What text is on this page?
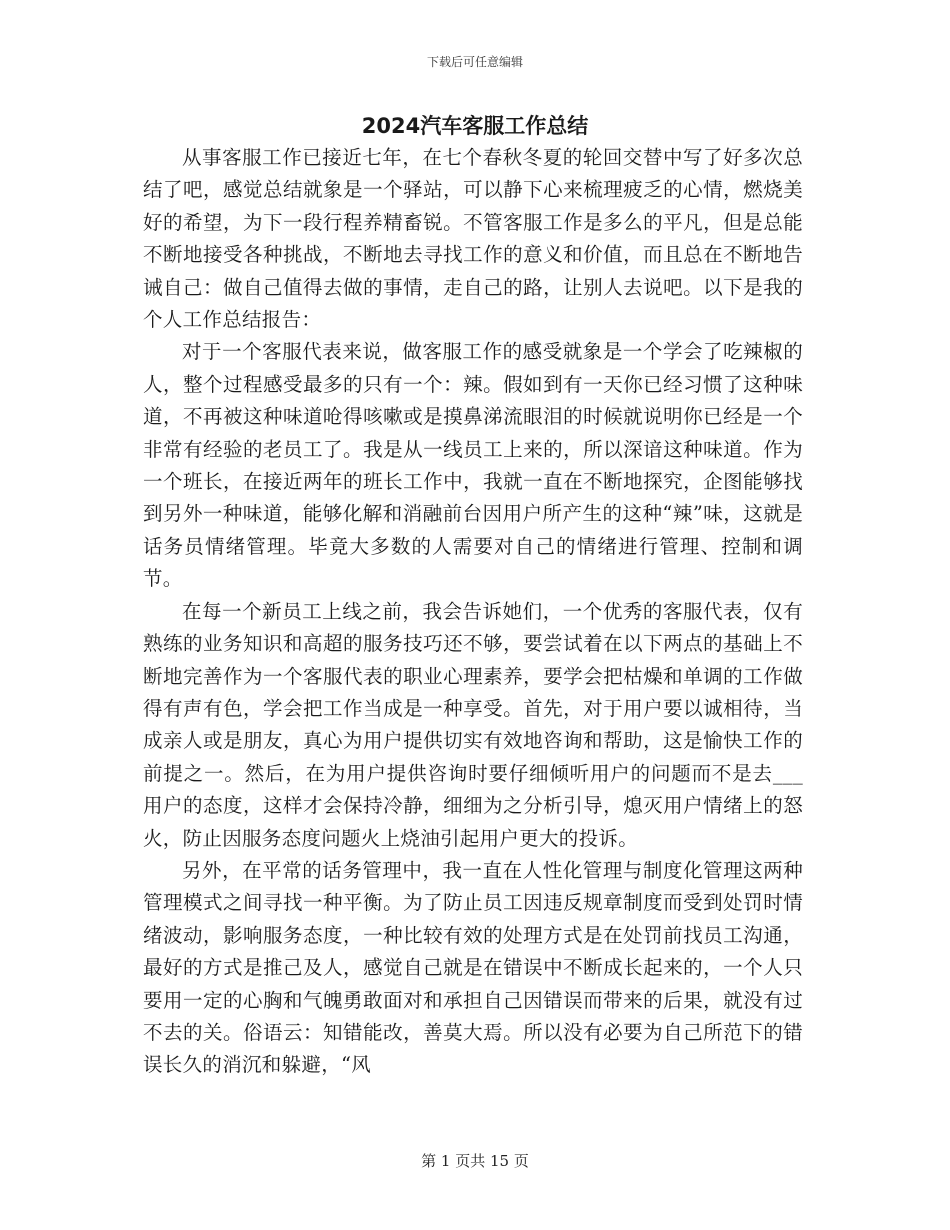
下载后可任意编辑
2024汽车客服工作总结

从事客服工作已接近七年，在七个春秋冬夏的轮回交替中写了好多次总结了吧，感觉总结就象是一个驿站，可以静下心来梳理疲乏的心情，燃烧美好的希望，为下一段行程养精畜锐。不管客服工作是多么的平凡，但是总能不断地接受各种挑战，不断地去寻找工作的意义和价值，而且总在不断地告诫自己：做自己值得去做的事情，走自己的路，让别人去说吧。以下是我的个人工作总结报告：

对于一个客服代表来说，做客服工作的感受就象是一个学会了吃辣椒的人，整个过程感受最多的只有一个：辣。假如到有一天你已经习惯了这种味道，不再被这种味道呛得咳嗽或是摸鼻涕流眼泪的时候就说明你已经是一个非常有经验的老员工了。我是从一线员工上来的，所以深谙这种味道。作为一个班长，在接近两年的班长工作中，我就一直在不断地探究，企图能够找到另外一种味道，能够化解和消融前台因用户所产生的这种“辣”味，这就是话务员情绪管理。毕竟大多数的人需要对自己的情绪进行管理、控制和调节。

在每一个新员工上线之前，我会告诉她们，一个优秀的客服代表，仅有熟练的业务知识和高超的服务技巧还不够，要尝试着在以下两点的基础上不断地完善作为一个客服代表的职业心理素养，要学会把枯燥和单调的工作做得有声有色，学会把工作当成是一种享受。首先，对于用户要以诚相待，当成亲人或是朋友，真心为用户提供切实有效地咨询和帮助，这是愉快工作的前提之一。然后，在为用户提供咨询时要仔细倾听用户的问题而不是去___用户的态度，这样才会保持冷静，细细为之分析引导，熄灭用户情绪上的怒火，防止因服务态度问题火上烧油引起用户更大的投诉。

另外，在平常的话务管理中，我一直在人性化管理与制度化管理这两种管理模式之间寻找一种平衡。为了防止员工因违反规章制度而受到处罚时情绪波动，影响服务态度，一种比较有效的处理方式是在处罚前找员工沟通，最好的方式是推己及人，感觉自己就是在错误中不断成长起来的，一个人只要用一定的心胸和气魄勇敢面对和承担自己因错误而带来的后果，就没有过不去的关。俗语云：知错能改，善莫大焉。所以没有必要为自己所范下的错误长久的消沉和躲避，“风

第 1 页共 15 页
